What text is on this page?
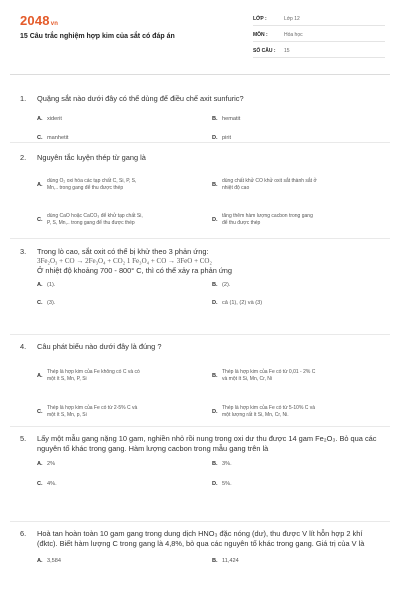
2048vn
15 Câu trắc nghiệm hợp kim của sắt có đáp án
LỚP :	Lớp 12
MÔN :	Hóa học
SỐ CÂU :	15
1.	Quặng sắt nào dưới đây có thể dùng để điều chế axit sunfuric?
A. xiderit	B. hematit
C. manhetit	D. pirit
2.	Nguyên tắc luyện thép từ gang là
A.
dùng O₂ oxi hóa các tạp chất C, Si, P, S,
Mn,.. trong gang để thu được thép
B.
dùng chất khử CO khử oxit sắt thành sắt ở
nhiệt độ cao
C.
dùng CaO hoặc CaCO₃ để khử tạp chất Si,
P, S, Mn,.. trong gang để thu được thép
D.
tăng thêm hàm lượng cacbon trong gang
để thu được thép
3.	Trong lò cao, sắt oxit có thể bị khử theo 3 phản ứng:
3Fe₂O₃ + CO → 2Fe₃O₄ + CO₂ 1 Fe₃O₄ + CO → 3FeO + CO₂
Ở nhiệt độ khoảng 700 - 800° C, thì có thể xảy ra phản ứng
A. (1).	B. (2).
C. (3).	D. cả (1), (2) và (3)
4.	Câu phát biểu nào dưới đây là đúng ?
A.
Thép là hợp kim của Fe không có C và có
một ít S, Mn, P, Si
B.
Thép là hợp kim của Fe có từ 0,01 - 2% C
và một ít Si, Mn, Cr, Ni
C.
Thép là hợp kim của Fe có từ 2-5% C và
một ít S, Mn, p, Si
D.
Thép là hợp kim của Fe có từ 5-10% C và
một lượng rất ít Si, Mn, Cr, Ni.
5.	Lấy một mẫu gang nặng 10 gam, nghiền nhỏ rồi nung trong oxi dư thu được 14 gam Fe₂O₃. Bỏ qua các nguyên tố khác trong gang. Hàm lượng cacbon trong mẫu gang trên là
A. 2%	B. 3%.
C. 4%.	D. 5%.
6.	Hoà tan hoàn toàn 10 gam gang trong dung dịch HNO₃ đặc nóng (dư), thu được V lít hỗn hợp 2 khí (đktc). Biết hàm lượng C trong gang là 4,8%, bỏ qua các nguyên tố khác trong gang. Giá trị của V là
A. 3,584	B. 11,424
